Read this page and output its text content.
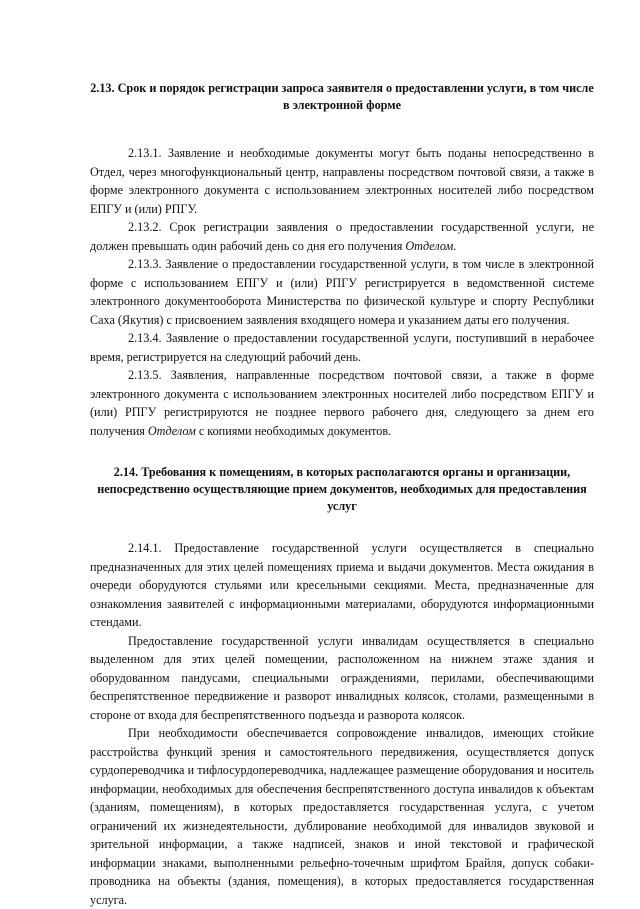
2.13. Срок и порядок регистрации запроса заявителя о предоставлении услуги, в том числе в электронной форме

2.13.1. Заявление и необходимые документы могут быть поданы непосредственно в Отдел, через многофункциональный центр, направлены посредством почтовой связи, а также в форме электронного документа с использованием электронных носителей либо посредством ЕПГУ и (или) РПГУ.

2.13.2. Срок регистрации заявления о предоставлении государственной услуги, не должен превышать один рабочий день со дня его получения Отделом.

2.13.3. Заявление о предоставлении государственной услуги, в том числе в электронной форме с использованием ЕПГУ и (или) РПГУ регистрируется в ведомственной системе электронного документооборота Министерства по физической культуре и спорту Республики Саха (Якутия) с присвоением заявления входящего номера и указанием даты его получения.

2.13.4. Заявление о предоставлении государственной услуги, поступивший в нерабочее время, регистрируется на следующий рабочий день.

2.13.5. Заявления, направленные посредством почтовой связи, а также в форме электронного документа с использованием электронных носителей либо посредством ЕПГУ и (или) РПГУ регистрируются не позднее первого рабочего дня, следующего за днем его получения Отделом с копиями необходимых документов.

2.14. Требования к помещениям, в которых располагаются органы и организации, непосредственно осуществляющие прием документов, необходимых для предоставления услуг

2.14.1. Предоставление государственной услуги осуществляется в специально предназначенных для этих целей помещениях приема и выдачи документов. Места ожидания в очереди оборудуются стульями или кресельными секциями. Места, предназначенные для ознакомления заявителей с информационными материалами, оборудуются информационными стендами.

Предоставление государственной услуги инвалидам осуществляется в специально выделенном для этих целей помещении, расположенном на нижнем этаже здания и оборудованном пандусами, специальными ограждениями, перилами, обеспечивающими беспрепятственное передвижение и разворот инвалидных колясок, столами, размещенными в стороне от входа для беспрепятственного подъезда и разворота колясок.

При необходимости обеспечивается сопровождение инвалидов, имеющих стойкие расстройства функций зрения и самостоятельного передвижения, осуществляется допуск сурдопереводчика и тифлосурдопереводчика, надлежащее размещение оборудования и носитель информации, необходимых для обеспечения беспрепятственного доступа инвалидов к объектам (зданиям, помещениям), в которых предоставляется государственная услуга, с учетом ограничений их жизнедеятельности, дублирование необходимой для инвалидов звуковой и зрительной информации, а также надписей, знаков и иной текстовой и графической информации знаками, выполненными рельефно-точечным шрифтом Брайля, допуск собаки-проводника на объекты (здания, помещения), в которых предоставляется государственная услуга.
